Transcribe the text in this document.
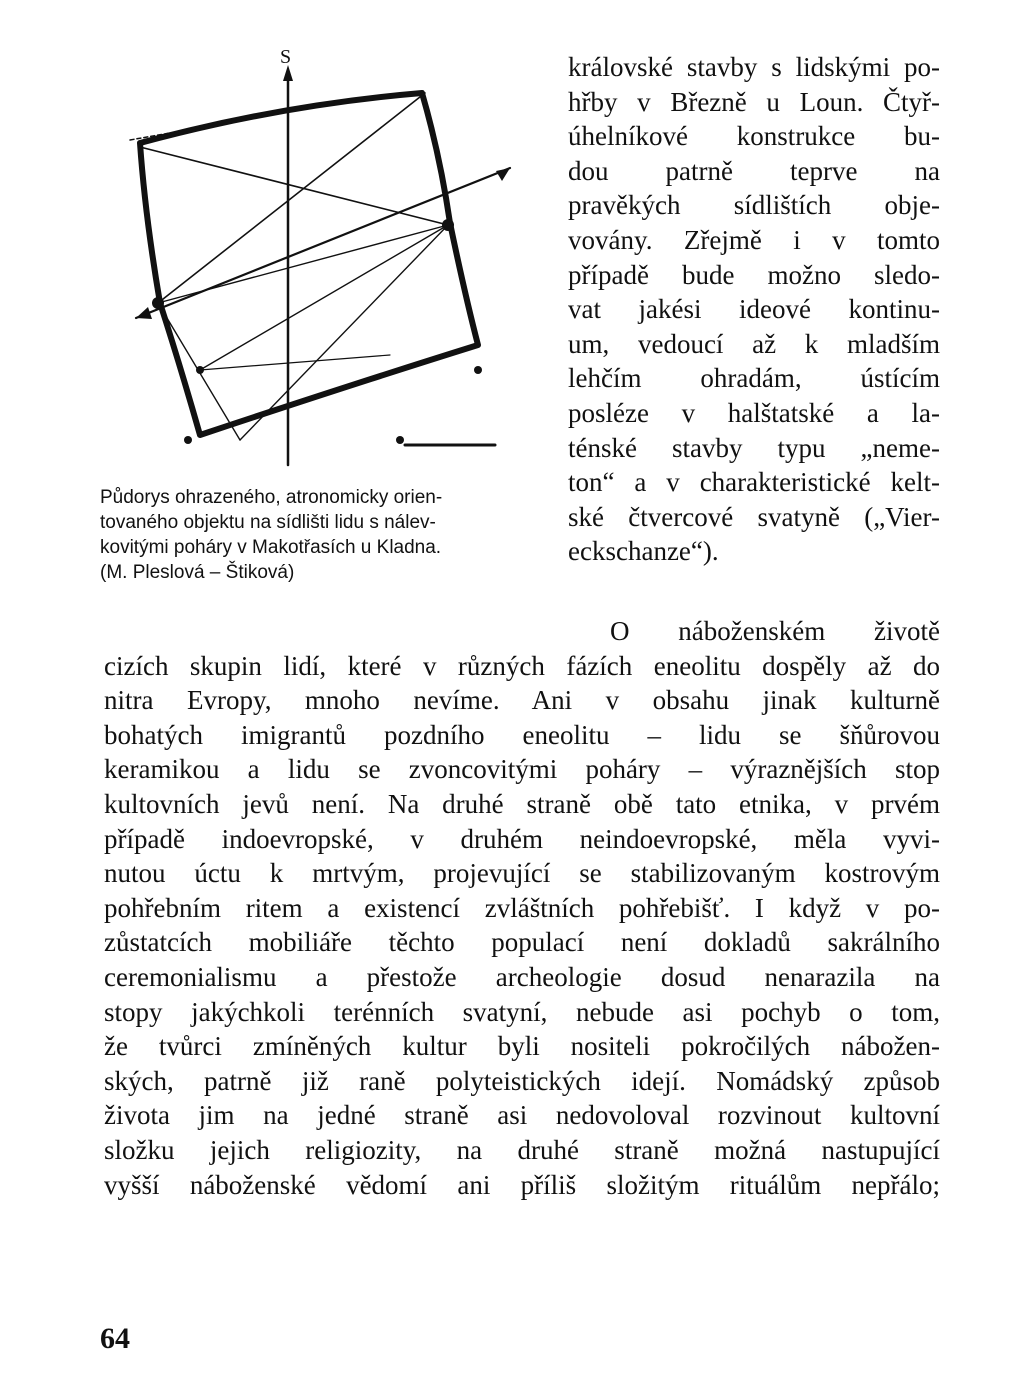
S
Půdorys ohrazeného, atronomicky orien-
tovaného objektu na sídlišti lidu s nálev-
kovitými poháry v Makotřasích u Kladna.
(M. Pleslová – Štiková)
královské stavby s lidskými po-
hřby v Březně u Loun. Čtyř-
úhelníkové konstrukce bu-
dou patrně teprve na
pravěkých sídlištích obje-
vovány. Zřejmě i v tomto
případě bude možno sledo-
vat jakési ideové kontinu-
um, vedoucí až k mladším
lehčím ohradám, ústícím
posléze v halštatské a la-
ténské stavby typu „neme-
ton“ a v charakteristické kelt-
ské čtvercové svatyně („Vier-
eckschanze“).
O náboženském životě
cizích skupin lidí, které v různých fázích eneolitu dospěly až do
nitra Evropy, mnoho nevíme. Ani v obsahu jinak kulturně
bohatých imigrantů pozdního eneolitu – lidu se šňůrovou
keramikou a lidu se zvoncovitými poháry – výraznějších stop
kultovních jevů není. Na druhé straně obě tato etnika, v prvém
případě indoevropské, v druhém neindoevropské, měla vyvi-
nutou úctu k mrtvým, projevující se stabilizovaným kostrovým
pohřebním ritem a existencí zvláštních pohřebišť. I když v po-
zůstatcích mobiliáře těchto populací není dokladů sakrálního
ceremonialismu a přestože archeologie dosud nenarazila na
stopy jakýchkoli terénních svatyní, nebude asi pochyb o tom,
že tvůrci zmíněných kultur byli nositeli pokročilých nábožen-
ských, patrně již raně polyteistických idejí. Nomádský způsob
života jim na jedné straně asi nedovoloval rozvinout kultovní
složku jejich religiozity, na druhé straně možná nastupující
vyšší náboženské vědomí ani příliš složitým rituálům nepřálo;
64
